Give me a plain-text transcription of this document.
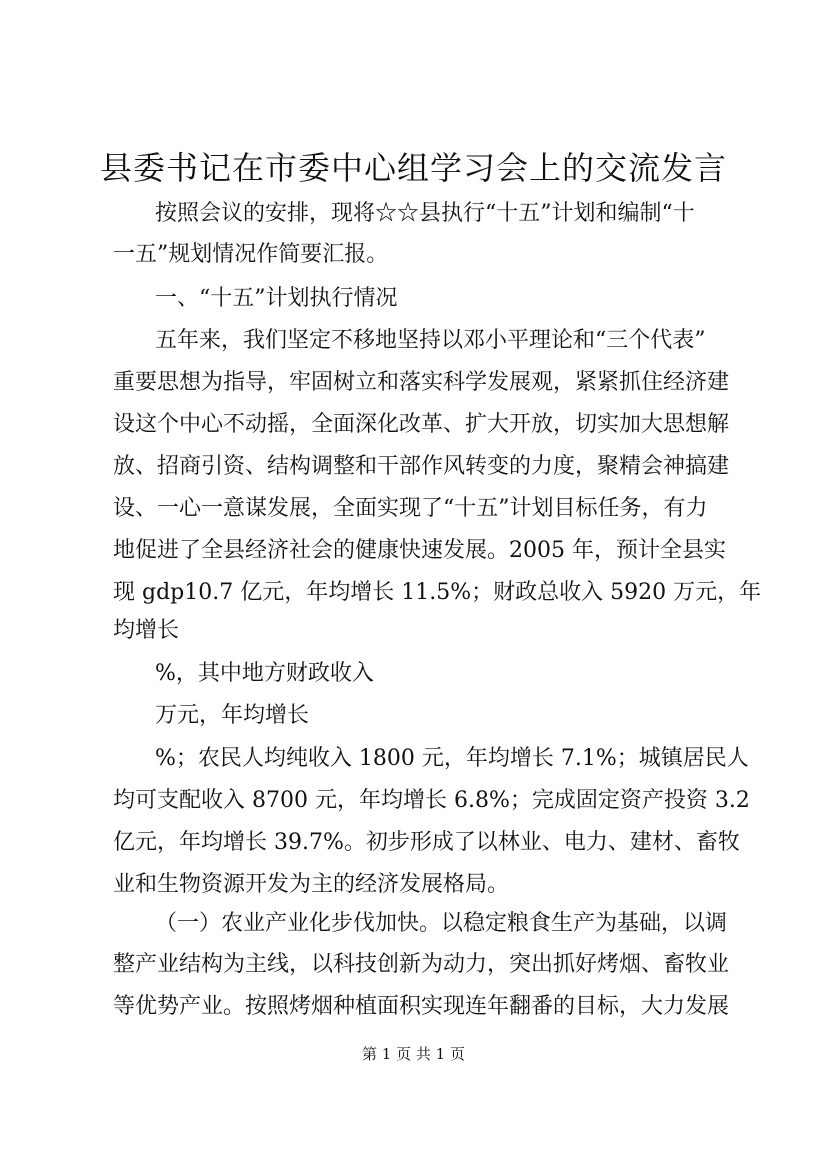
县委书记在市委中心组学习会上的交流发言

按照会议的安排，现将☆☆县执行“十五”计划和编制“十

一五”规划情况作简要汇报。

一、“十五”计划执行情况

五年来，我们坚定不移地坚持以邓小平理论和“三个代表”

重要思想为指导，牢固树立和落实科学发展观，紧紧抓住经济建

设这个中心不动摇，全面深化改革、扩大开放，切实加大思想解

放、招商引资、结构调整和干部作风转变的力度，聚精会神搞建

设、一心一意谋发展，全面实现了“十五”计划目标任务，有力

地促进了全县经济社会的健康快速发展。2005 年，预计全县实

现 gdp10.7 亿元，年均增长 11.5%；财政总收入 5920 万元，年

均增长

%，其中地方财政收入

万元，年均增长

%；农民人均纯收入 1800 元，年均增长 7.1%；城镇居民人

均可支配收入 8700 元，年均增长 6.8%；完成固定资产投资 3.2

亿元，年均增长 39.7%。初步形成了以林业、电力、建材、畜牧

业和生物资源开发为主的经济发展格局。

（一）农业产业化步伐加快。以稳定粮食生产为基础，以调

整产业结构为主线，以科技创新为动力，突出抓好烤烟、畜牧业

等优势产业。按照烤烟种植面积实现连年翻番的目标，大力发展

第 1 页 共 1 页
